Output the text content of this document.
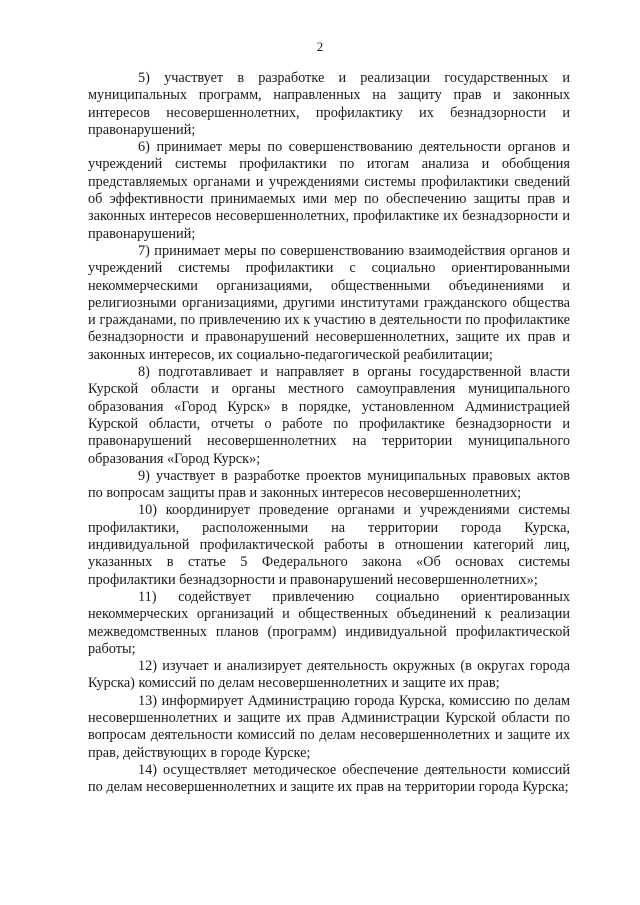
2

5) участвует в разработке и реализации государственных и муниципальных программ, направленных на защиту прав и законных интересов несовершеннолетних, профилактику их безнадзорности и правонарушений;

6) принимает меры по совершенствованию деятельности органов и учреждений системы профилактики по итогам анализа и обобщения представляемых органами и учреждениями системы профилактики сведений об эффективности принимаемых ими мер по обеспечению защиты прав и законных интересов несовершеннолетних, профилактике их безнадзорности и правонарушений;

7) принимает меры по совершенствованию взаимодействия органов и учреждений системы профилактики с социально ориентированными некоммерческими организациями, общественными объединениями и религиозными организациями, другими институтами гражданского общества и гражданами, по привлечению их к участию в деятельности по профилактике безнадзорности и правонарушений несовершеннолетних, защите их прав и законных интересов, их социально-педагогической реабилитации;

8) подготавливает и направляет в органы государственной власти Курской области и органы местного самоуправления муниципального образования «Город Курск» в порядке, установленном Администрацией Курской области, отчеты о работе по профилактике безнадзорности и правонарушений несовершеннолетних на территории муниципального образования «Город Курск»;

9) участвует в разработке проектов муниципальных правовых актов по вопросам защиты прав и законных интересов несовершеннолетних;

10) координирует проведение органами и учреждениями системы профилактики, расположенными на территории города Курска, индивидуальной профилактической работы в отношении категорий лиц, указанных в статье 5 Федерального закона «Об основах системы профилактики безнадзорности и правонарушений несовершеннолетних»;

11) содействует привлечению социально ориентированных некоммерческих организаций и общественных объединений к реализации межведомственных планов (программ) индивидуальной профилактической работы;

12) изучает и анализирует деятельность окружных (в округах города Курска) комиссий по делам несовершеннолетних и защите их прав;

13) информирует Администрацию города Курска, комиссию по делам несовершеннолетних и защите их прав Администрации Курской области по вопросам деятельности комиссий по делам несовершеннолетних и защите их прав, действующих в городе Курске;

14) осуществляет методическое обеспечение деятельности комиссий по делам несовершеннолетних и защите их прав на территории города Курска;
